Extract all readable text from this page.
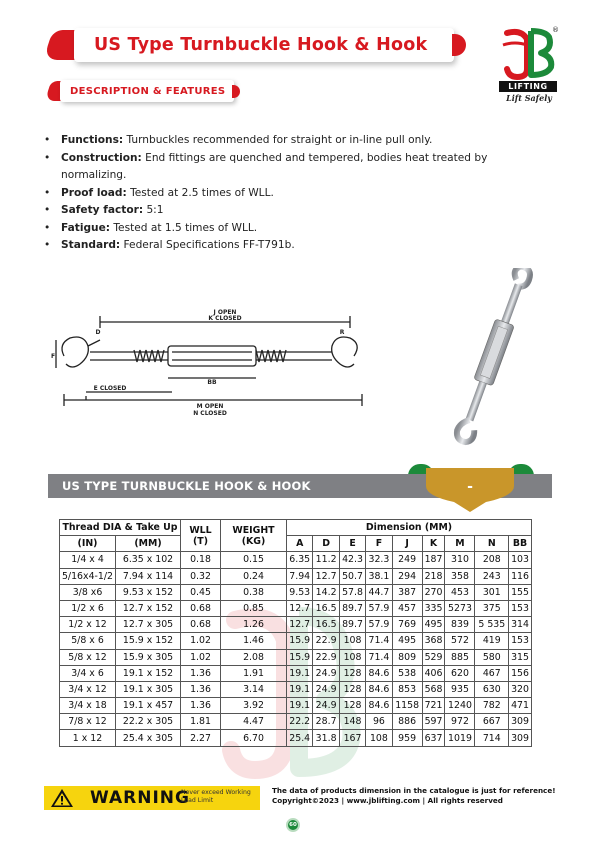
US Type Turnbuckle Hook & Hook
®
LIFTING
Lift Safely
DESCRIPTION & FEATURES
• Functions: Turnbuckles recommended for straight or in-line pull only.
• Construction: End fittings are quenched and tempered, bodies heat treated by normalizing.
• Proof load: Tested at 2.5 times of WLL.
• Safety factor: 5:1
• Fatigue: Tested at 1.5 times of WLL.
• Standard: Federal Specifications FF-T791b.
J OPEN
K CLOSED
BB
E CLOSED
M OPEN
N CLOSED
D
F
R
US TYPE TURNBUCKLE HOOK & HOOK	-
Thread DIA & Take Up		WLL (T)	WEIGHT (KG)	Dimension (MM)								
(IN)	(MM)			A	D	E	F	J	K	M	N	BB
1/4 x 4	6.35 x 102	0.18	0.15	6.35	11.2	42.3	32.3	249	187	310	208	103
5/16x4-1/2	7.94 x 114	0.32	0.24	7.94	12.7	50.7	38.1	294	218	358	243	116
3/8 x6	9.53 x 152	0.45	0.38	9.53	14.2	57.8	44.7	387	270	453	301	155
1/2 x 6	12.7 x 152	0.68	0.85	12.7	16.5	89.7	57.9	457	335	5273	375	153
1/2 x 12	12.7 x 305	0.68	1.26	12.7	16.5	89.7	57.9	769	495	839	5 535	314
5/8 x 6	15.9 x 152	1.02	1.46	15.9	22.9	108	71.4	495	368	572	419	153
5/8 x 12	15.9 x 305	1.02	2.08	15.9	22.9	108	71.4	809	529	885	580	315
3/4 x 6	19.1 x 152	1.36	1.91	19.1	24.9	128	84.6	538	406	620	467	156
3/4 x 12	19.1 x 305	1.36	3.14	19.1	24.9	128	84.6	853	568	935	630	320
3/4 x 18	19.1 x 457	1.36	3.92	19.1	24.9	128	84.6	1158	721	1240	782	471
7/8 x 12	22.2 x 305	1.81	4.47	22.2	28.7	148	96	886	597	972	667	309
1 x 12	25.4 x 305	2.27	6.70	25.4	31.8	167	108	959	637	1019	714	309
WARNING
Never exceed Working Load Limit
The data of products dimension in the catalogue is just for reference!
Copyright©2023 | www.jblifting.com | All rights reserved
60
